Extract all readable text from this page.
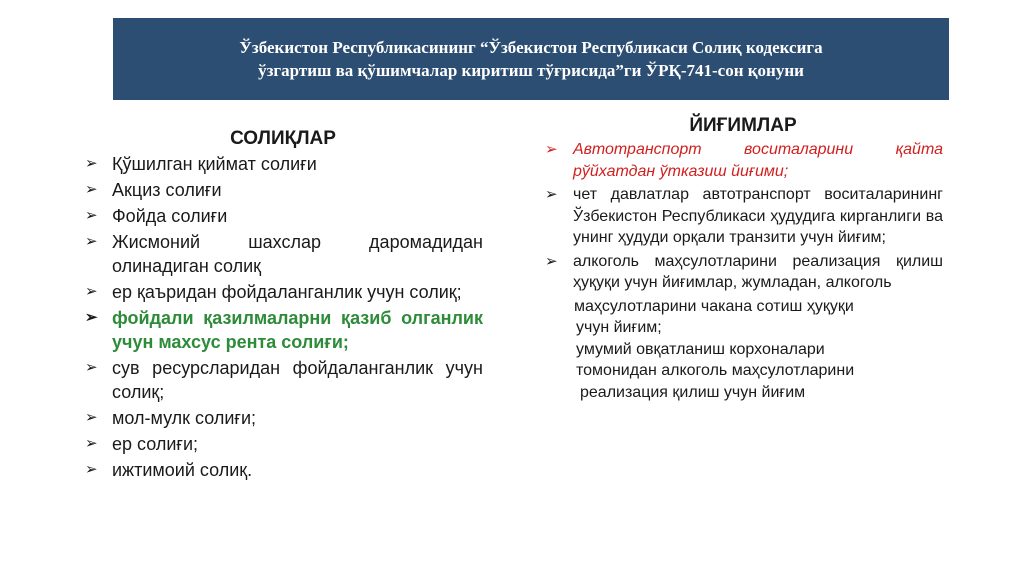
Ўзбекистон Республикасининг “Ўзбекистон Республикаси Солиқ кодексига
ўзгартиш ва қўшимчалар киритиш тўғрисида”ги ЎРҚ-741-сон қонуни
СОЛИҚЛАР
➢ Қўшилган қиймат солиғи
➢ Акциз солиғи
➢ Фойда солиғи
➢ Жисмоний шахслар даромадидан олинадиган солиқ
➢ ер қаъридан фойдаланганлик учун солиқ;
➢ фойдали қазилмаларни қазиб олганлик учун махсус рента солиғи;
➢ сув ресурсларидан фойдаланганлик учун солиқ;
➢ мол-мулк солиғи;
➢ ер солиғи;
➢ ижтимоий солиқ.
ЙИҒИМЛАР
➢ Автотранспорт воситаларини қайта рўйхатдан ўтказиш йиғими;
➢ чет давлатлар автотранспорт воситаларининг Ўзбекистон Республикаси ҳудудига кирганлиги ва унинг ҳудуди орқали транзити учун йиғим;
➢ алкоголь маҳсулотларини реализация қилиш ҳуқуқи учун йиғимлар, жумладан, алкоголь
маҳсулотларини чакана сотиш ҳуқуқи
учун йиғим;
умумий овқатланиш корхоналари
томонидан алкоголь маҳсулотларини
реализация қилиш учун йиғим
